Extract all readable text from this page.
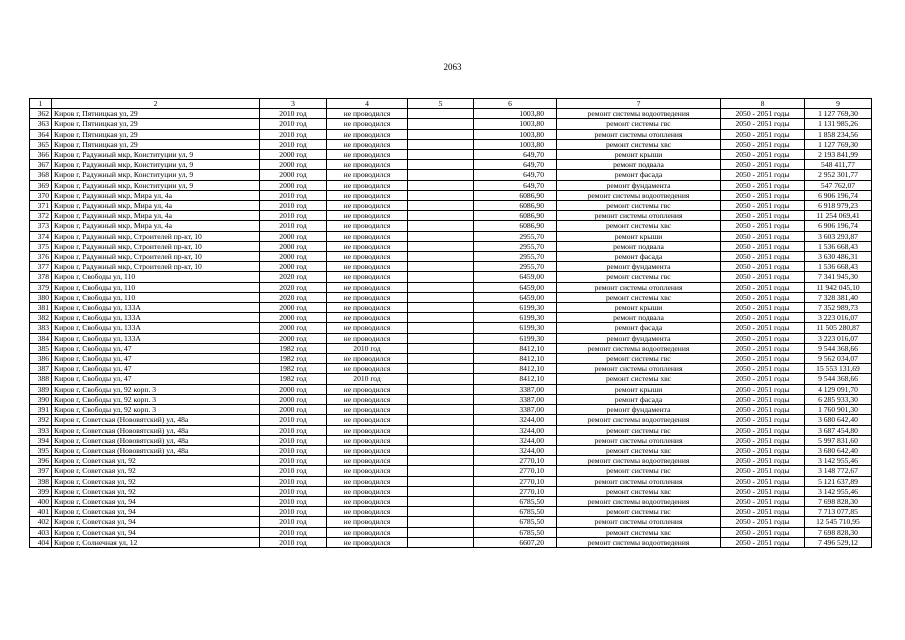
2063
1	2	3	4	5	6	7	8	9
362	Киров г, Пятницкая ул, 29	2010 год	не проводился		1003,80	ремонт системы водоотведения	2050 - 2051 годы	1 127 769,30
363	Киров г, Пятницкая ул, 29	2010 год	не проводился		1003,80	ремонт системы гвс	2050 - 2051 годы	1 131 985,26
364	Киров г, Пятницкая ул, 29	2010 год	не проводился		1003,80	ремонт системы отопления	2050 - 2051 годы	1 858 234,56
365	Киров г, Пятницкая ул, 29	2010 год	не проводился		1003,80	ремонт системы хвс	2050 - 2051 годы	1 127 769,30
366	Киров г, Радужный мкр, Конституции ул, 9	2000 год	не проводился		649,70	ремонт крыши	2050 - 2051 годы	2 193 841,99
367	Киров г, Радужный мкр, Конституции ул, 9	2000 год	не проводился		649,70	ремонт подвала	2050 - 2051 годы	548 411,77
368	Киров г, Радужный мкр, Конституции ул, 9	2000 год	не проводился		649,70	ремонт фасада	2050 - 2051 годы	2 952 301,77
369	Киров г, Радужный мкр, Конституции ул, 9	2000 год	не проводился		649,70	ремонт фундамента	2050 - 2051 годы	547 762,07
370	Киров г, Радужный мкр, Мира ул, 4а	2010 год	не проводился		6086,90	ремонт системы водоотведения	2050 - 2051 годы	6 906 196,74
371	Киров г, Радужный мкр, Мира ул, 4а	2010 год	не проводился		6086,90	ремонт системы гвс	2050 - 2051 годы	6 918 979,23
372	Киров г, Радужный мкр, Мира ул, 4а	2010 год	не проводился		6086,90	ремонт системы отопления	2050 - 2051 годы	11 254 069,41
373	Киров г, Радужный мкр, Мира ул, 4а	2010 год	не проводился		6086,90	ремонт системы хвс	2050 - 2051 годы	6 906 196,74
374	Киров г, Радужный мкр, Строителей пр-кт, 10	2000 год	не проводился		2955,70	ремонт крыши	2050 - 2051 годы	3 603 293,87
375	Киров г, Радужный мкр, Строителей пр-кт, 10	2000 год	не проводился		2955,70	ремонт подвала	2050 - 2051 годы	1 536 668,43
376	Киров г, Радужный мкр, Строителей пр-кт, 10	2000 год	не проводился		2955,70	ремонт фасада	2050 - 2051 годы	3 630 486,31
377	Киров г, Радужный мкр, Строителей пр-кт, 10	2000 год	не проводился		2955,70	ремонт фундамента	2050 - 2051 годы	1 536 668,43
378	Киров г, Свободы ул, 110	2020 год	не проводился		6459,00	ремонт системы гвс	2050 - 2051 годы	7 341 945,30
379	Киров г, Свободы ул, 110	2020 год	не проводился		6459,00	ремонт системы отопления	2050 - 2051 годы	11 942 045,10
380	Киров г, Свободы ул, 110	2020 год	не проводился		6459,00	ремонт системы хвс	2050 - 2051 годы	7 328 381,40
381	Киров г, Свободы ул, 133А	2000 год	не проводился		6199,30	ремонт крыши	2050 - 2051 годы	7 352 989,73
382	Киров г, Свободы ул, 133А	2000 год	не проводился		6199,30	ремонт подвала	2050 - 2051 годы	3 223 016,07
383	Киров г, Свободы ул, 133А	2000 год	не проводился		6199,30	ремонт фасада	2050 - 2051 годы	11 505 280,87
384	Киров г, Свободы ул, 133А	2000 год	не проводился		6199,30	ремонт фундамента	2050 - 2051 годы	3 223 016,07
385	Киров г, Свободы ул, 47	1982 год	2010 год		8412,10	ремонт системы водоотведения	2050 - 2051 годы	9 544 368,66
386	Киров г, Свободы ул, 47	1982 год	не проводился		8412,10	ремонт системы гвс	2050 - 2051 годы	9 562 034,07
387	Киров г, Свободы ул, 47	1982 год	не проводился		8412,10	ремонт системы отопления	2050 - 2051 годы	15 553 131,69
388	Киров г, Свободы ул, 47	1982 год	2010 год		8412,10	ремонт системы хвс	2050 - 2051 годы	9 544 368,66
389	Киров г, Свободы ул, 92 корп. 3	2000 год	не проводился		3387,00	ремонт крыши	2050 - 2051 годы	4 129 091,70
390	Киров г, Свободы ул, 92 корп. 3	2000 год	не проводился		3387,00	ремонт фасада	2050 - 2051 годы	6 285 933,30
391	Киров г, Свободы ул, 92 корп. 3	2000 год	не проводился		3387,00	ремонт фундамента	2050 - 2051 годы	1 760 901,30
392	Киров г, Советская (Нововятский) ул, 48а	2010 год	не проводился		3244,00	ремонт системы водоотведения	2050 - 2051 годы	3 680 642,40
393	Киров г, Советская (Нововятский) ул, 48а	2010 год	не проводился		3244,00	ремонт системы гвс	2050 - 2051 годы	3 687 454,80
394	Киров г, Советская (Нововятский) ул, 48а	2010 год	не проводился		3244,00	ремонт системы отопления	2050 - 2051 годы	5 997 831,60
395	Киров г, Советская (Нововятский) ул, 48а	2010 год	не проводился		3244,00	ремонт системы хвс	2050 - 2051 годы	3 680 642,40
396	Киров г, Советская ул, 92	2010 год	не проводился		2770,10	ремонт системы водоотведения	2050 - 2051 годы	3 142 955,46
397	Киров г, Советская ул, 92	2010 год	не проводился		2770,10	ремонт системы гвс	2050 - 2051 годы	3 148 772,67
398	Киров г, Советская ул, 92	2010 год	не проводился		2770,10	ремонт системы отопления	2050 - 2051 годы	5 121 637,89
399	Киров г, Советская ул, 92	2010 год	не проводился		2770,10	ремонт системы хвс	2050 - 2051 годы	3 142 955,46
400	Киров г, Советская ул, 94	2010 год	не проводился		6785,50	ремонт системы водоотведения	2050 - 2051 годы	7 698 828,30
401	Киров г, Советская ул, 94	2010 год	не проводился		6785,50	ремонт системы гвс	2050 - 2051 годы	7 713 077,85
402	Киров г, Советская ул, 94	2010 год	не проводился		6785,50	ремонт системы отопления	2050 - 2051 годы	12 545 710,95
403	Киров г, Советская ул, 94	2010 год	не проводился		6785,50	ремонт системы хвс	2050 - 2051 годы	7 698 828,30
404	Киров г, Солнечная ул, 12	2010 год	не проводился		6607,20	ремонт системы водоотведения	2050 - 2051 годы	7 496 529,12
